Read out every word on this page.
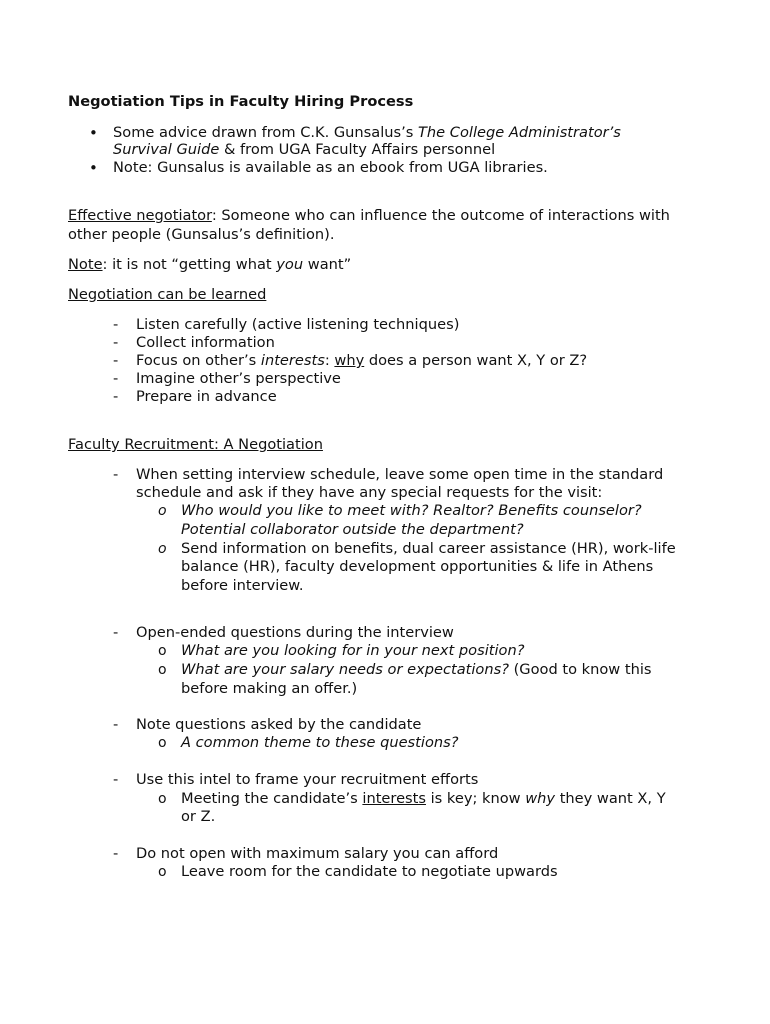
Negotiation Tips in Faculty Hiring Process
• Some advice drawn from C.K. Gunsalus’s The College Administrator’s
Survival Guide & from UGA Faculty Affairs personnel
• Note: Gunsalus is available as an ebook from UGA libraries.
Effective negotiator: Someone who can influence the outcome of interactions with
other people (Gunsalus’s definition).
Note: it is not “getting what you want”
Negotiation can be learned
- Listen carefully (active listening techniques)
- Collect information
- Focus on other’s interests: why does a person want X, Y or Z?
- Imagine other’s perspective
- Prepare in advance
Faculty Recruitment: A Negotiation
- When setting interview schedule, leave some open time in the standard
schedule and ask if they have any special requests for the visit:
o Who would you like to meet with? Realtor? Benefits counselor?
Potential collaborator outside the department?
o Send information on benefits, dual career assistance (HR), work-life
balance (HR), faculty development opportunities & life in Athens
before interview.
- Open-ended questions during the interview
o What are you looking for in your next position?
o What are your salary needs or expectations? (Good to know this
before making an offer.)
- Note questions asked by the candidate
o A common theme to these questions?
- Use this intel to frame your recruitment efforts
o Meeting the candidate’s interests is key; know why they want X, Y
or Z.
- Do not open with maximum salary you can afford
o Leave room for the candidate to negotiate upwards
